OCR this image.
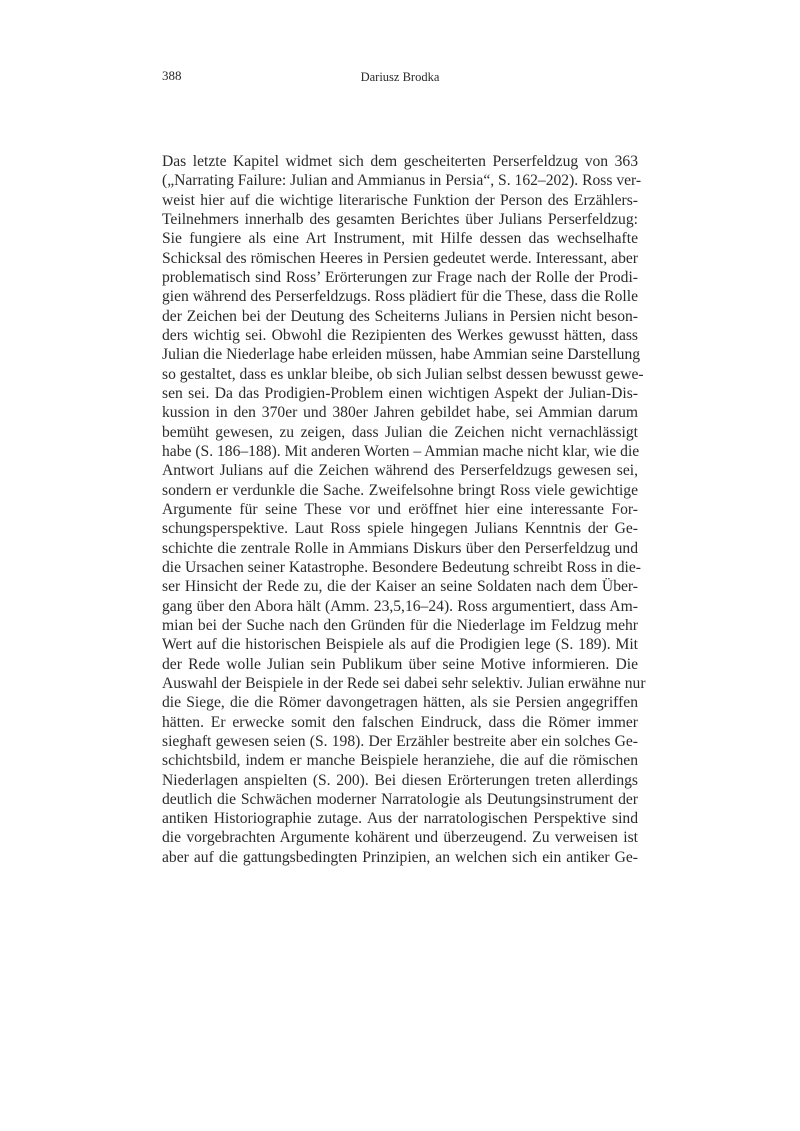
388	Dariusz Brodka
Das letzte Kapitel widmet sich dem gescheiterten Perserfeldzug von 363
(„Narrating Failure: Julian and Ammianus in Persia“, S. 162–202). Ross ver-
weist hier auf die wichtige literarische Funktion der Person des Erzählers-
Teilnehmers innerhalb des gesamten Berichtes über Julians Perserfeldzug:
Sie fungiere als eine Art Instrument, mit Hilfe dessen das wechselhafte
Schicksal des römischen Heeres in Persien gedeutet werde. Interessant, aber
problematisch sind Ross’ Erörterungen zur Frage nach der Rolle der Prodi-
gien während des Perserfeldzugs. Ross plädiert für die These, dass die Rolle
der Zeichen bei der Deutung des Scheiterns Julians in Persien nicht beson-
ders wichtig sei. Obwohl die Rezipienten des Werkes gewusst hätten, dass
Julian die Niederlage habe erleiden müssen, habe Ammian seine Darstellung
so gestaltet, dass es unklar bleibe, ob sich Julian selbst dessen bewusst gewe-
sen sei. Da das Prodigien-Problem einen wichtigen Aspekt der Julian-Dis-
kussion in den 370er und 380er Jahren gebildet habe, sei Ammian darum
bemüht gewesen, zu zeigen, dass Julian die Zeichen nicht vernachlässigt
habe (S. 186–188). Mit anderen Worten – Ammian mache nicht klar, wie die
Antwort Julians auf die Zeichen während des Perserfeldzugs gewesen sei,
sondern er verdunkle die Sache. Zweifelsohne bringt Ross viele gewichtige
Argumente für seine These vor und eröffnet hier eine interessante For-
schungsperspektive. Laut Ross spiele hingegen Julians Kenntnis der Ge-
schichte die zentrale Rolle in Ammians Diskurs über den Perserfeldzug und
die Ursachen seiner Katastrophe. Besondere Bedeutung schreibt Ross in die-
ser Hinsicht der Rede zu, die der Kaiser an seine Soldaten nach dem Über-
gang über den Abora hält (Amm. 23,5,16–24). Ross argumentiert, dass Am-
mian bei der Suche nach den Gründen für die Niederlage im Feldzug mehr
Wert auf die historischen Beispiele als auf die Prodigien lege (S. 189). Mit
der Rede wolle Julian sein Publikum über seine Motive informieren. Die
Auswahl der Beispiele in der Rede sei dabei sehr selektiv. Julian erwähne nur
die Siege, die die Römer davongetragen hätten, als sie Persien angegriffen
hätten. Er erwecke somit den falschen Eindruck, dass die Römer immer
sieghaft gewesen seien (S. 198). Der Erzähler bestreite aber ein solches Ge-
schichtsbild, indem er manche Beispiele heranziehe, die auf die römischen
Niederlagen anspielten (S. 200). Bei diesen Erörterungen treten allerdings
deutlich die Schwächen moderner Narratologie als Deutungsinstrument der
antiken Historiographie zutage. Aus der narratologischen Perspektive sind
die vorgebrachten Argumente kohärent und überzeugend. Zu verweisen ist
aber auf die gattungsbedingten Prinzipien, an welchen sich ein antiker Ge-
